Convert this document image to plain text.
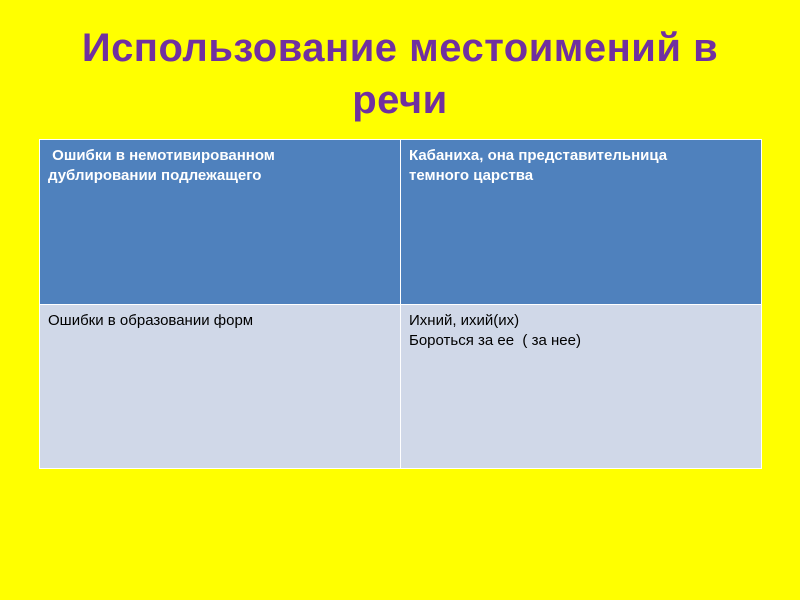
Использование местоимений в
речи
Ошибки в немотивированном
дублировании подлежащего	Кабаниха, она представительница
темного царства

Ошибки в образовании форм	Ихний, ихий(их)
Бороться за ее  ( за нее)
